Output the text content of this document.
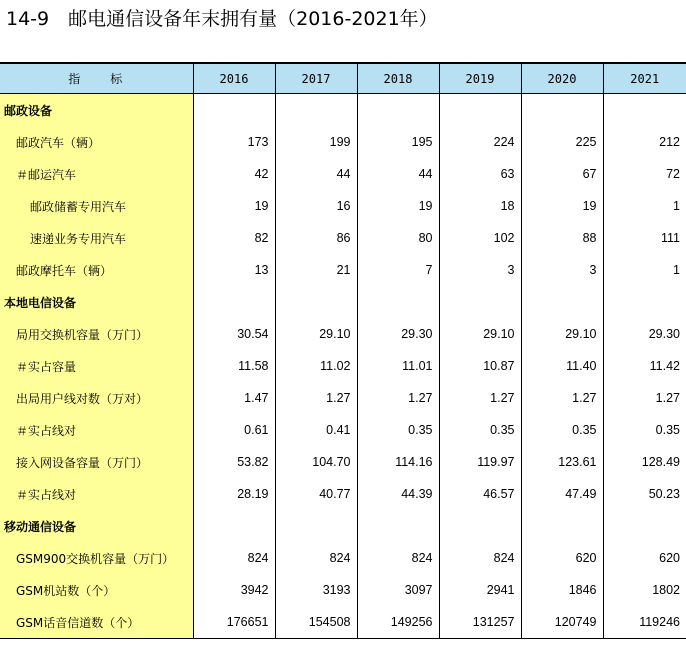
14-9　邮电通信设备年末拥有量（2016-2021年）
指　　标	2016	2017	2018	2019	2020	2021
邮政设备						
邮政汽车（辆）	173	199	195	224	225	212
＃邮运汽车	42	44	44	63	67	72
邮政储蓄专用汽车	19	16	19	18	19	1
速递业务专用汽车	82	86	80	102	88	111
邮政摩托车（辆）	13	21	7	3	3	1
本地电信设备						
局用交换机容量（万门）	30.54	29.10	29.30	29.10	29.10	29.30
＃实占容量	11.58	11.02	11.01	10.87	11.40	11.42
出局用户线对数（万对）	1.47	1.27	1.27	1.27	1.27	1.27
＃实占线对	0.61	0.41	0.35	0.35	0.35	0.35
接入网设备容量（万门）	53.82	104.70	114.16	119.97	123.61	128.49
＃实占线对	28.19	40.77	44.39	46.57	47.49	50.23
移动通信设备						
GSM900交换机容量（万门）	824	824	824	824	620	620
GSM机站数（个）	3942	3193	3097	2941	1846	1802
GSM话音信道数（个）	176651	154508	149256	131257	120749	119246
